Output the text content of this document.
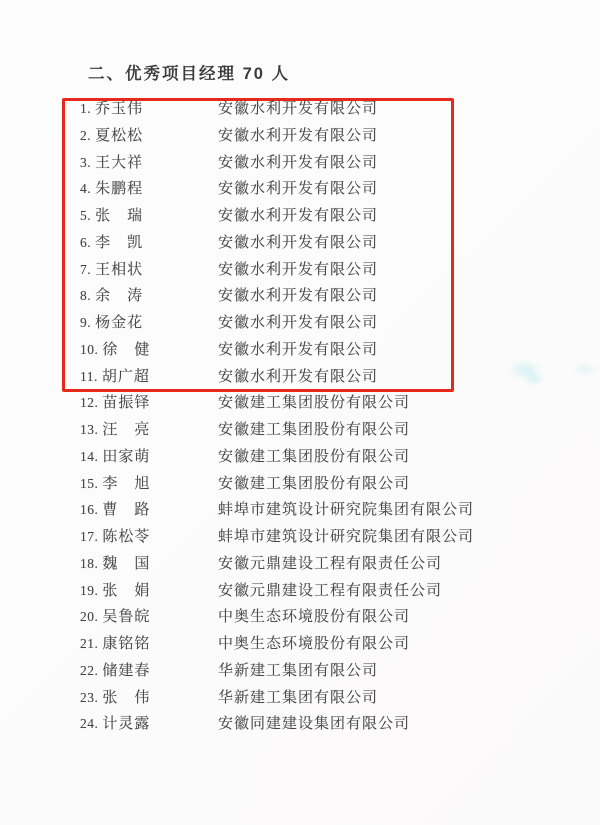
二、优秀项目经理 70 人
1. 乔玉伟	安徽水利开发有限公司
2. 夏松松	安徽水利开发有限公司
3. 王大祥	安徽水利开发有限公司
4. 朱鹏程	安徽水利开发有限公司
5. 张　瑞	安徽水利开发有限公司
6. 李　凯	安徽水利开发有限公司
7. 王相状	安徽水利开发有限公司
8. 余　涛	安徽水利开发有限公司
9. 杨金花	安徽水利开发有限公司
10. 徐　健	安徽水利开发有限公司
11. 胡广超	安徽水利开发有限公司
12. 苗振铎	安徽建工集团股份有限公司
13. 汪　亮	安徽建工集团股份有限公司
14. 田家萌	安徽建工集团股份有限公司
15. 李　旭	安徽建工集团股份有限公司
16. 曹　路	蚌埠市建筑设计研究院集团有限公司
17. 陈松苓	蚌埠市建筑设计研究院集团有限公司
18. 魏　国	安徽元鼎建设工程有限责任公司
19. 张　娟	安徽元鼎建设工程有限责任公司
20. 吴鲁皖	中奥生态环境股份有限公司
21. 康铭铭	中奥生态环境股份有限公司
22. 储建春	华新建工集团有限公司
23. 张　伟	华新建工集团有限公司
24. 计灵露	安徽同建建设集团有限公司
